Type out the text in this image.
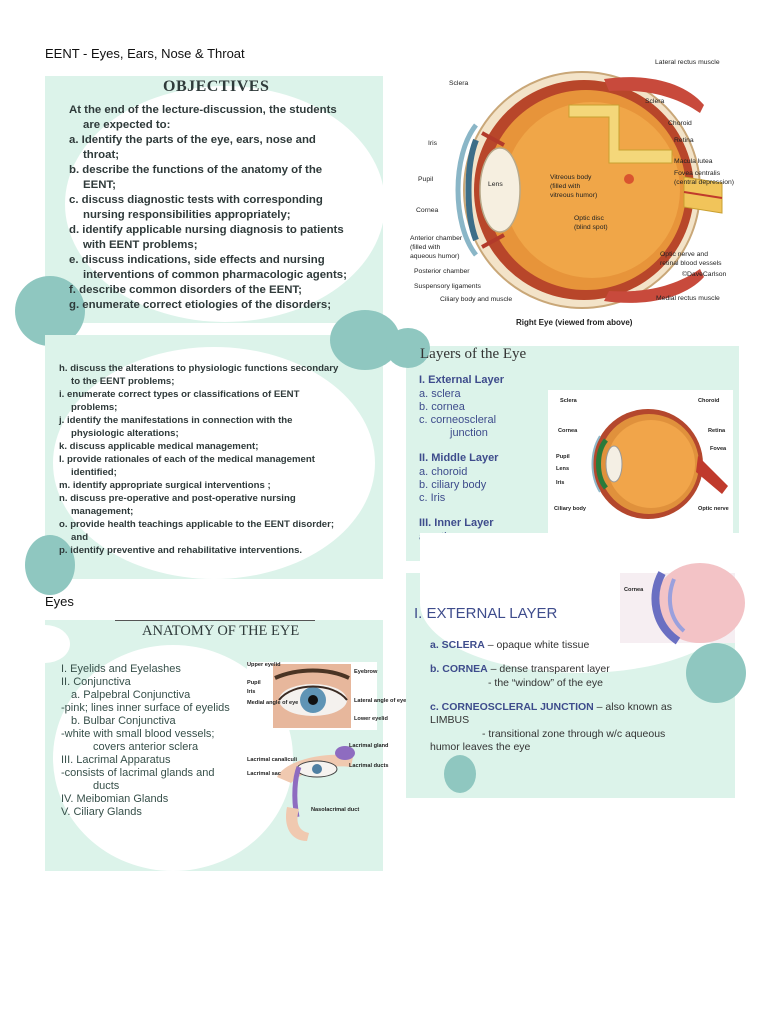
EENT - Eyes, Ears, Nose & Throat
Eyes
OBJECTIVES
At the end of the lecture-discussion, the students
are expected to:
a. Identify the parts of the eye, ears, nose and
throat;
b. describe the functions of the anatomy of the
EENT;
c. discuss diagnostic tests with corresponding
nursing responsibilities appropriately;
d. identify applicable nursing diagnosis to patients
with EENT problems;
e. discuss indications, side effects and nursing
interventions of common pharmacologic agents;
f. describe common disorders of the EENT;
g. enumerate correct etiologies of the disorders;
h. discuss the alterations to physiologic functions secondary
to the EENT problems;
i. enumerate correct types or classifications of EENT
problems;
j. identify the manifestations in connection with the
physiologic alterations;
k. discuss applicable medical management;
l. provide rationales of each of the medical management
identified;
m. identify appropriate surgical interventions ;
n. discuss pre-operative and post-operative nursing
management;
o. provide health teachings applicable to the EENT disorder;
and
p. identify preventive and rehabilitative interventions.
Lateral rectus muscle
Sclera
Sclera
Choroid
Iris	Retina
Macula lutea
Fovea centralis
(central depression)
Pupil
Lens
Vitreous body
(filled with
vitreous humor)
Cornea
Optic disc
(blind spot)
Anterior chamber
(filled with
aqueous humor)	Optic nerve and
retinal blood vessels
Posterior chamber	©DaveCarlson
Suspensory ligaments
Ciliary body and muscle	Medial rectus muscle
Right Eye (viewed from above)
ANATOMY OF THE EYE
I. Eyelids and Eyelashes
II. Conjunctiva
a. Palpebral Conjunctiva
-pink; lines inner surface of eyelids
b. Bulbar Conjunctiva
-white with small blood vessels;
covers anterior sclera
III. Lacrimal Apparatus
-consists of lacrimal glands and
ducts
IV. Meibomian Glands
V. Ciliary Glands
Upper eyelid
Pupil
Iris
Medial angle of eye
Eyebrow
Lateral angle of eye
Lower eyelid
Lacrimal canaliculi
Lacrimal sac
Lacrimal gland
Lacrimal ducts
Nasolacrimal duct
Layers of the Eye
I. External Layer
a. sclera
b. cornea
c. corneoscleral
junction
II. Middle Layer
a. choroid
b. ciliary body
c. Iris
III. Inner Layer
Sclera
Cornea
Pupil
Lens
Iris
Ciliary body
Choroid
Retina
Fovea
Optic nerve
I. EXTERNAL LAYER
Cornea
a. SCLERA – opaque white tissue
b. CORNEA – dense transparent layer
- the “window” of the eye
c. CORNEOSCLERAL JUNCTION – also known as
LIMBUS
- transitional zone through w/c aqueous
humor leaves the eye
